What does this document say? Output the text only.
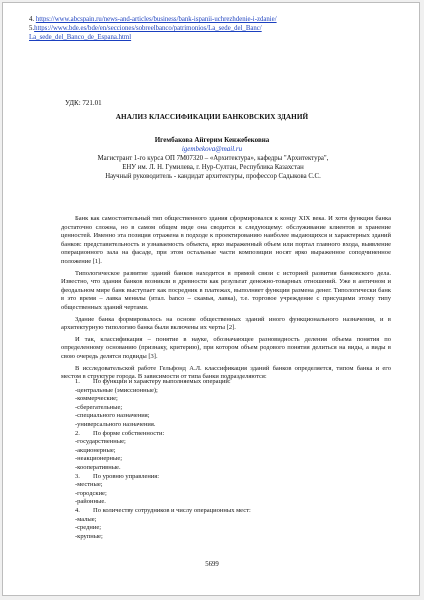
4. https://www.abcspain.ru/news-and-articles/business/bank-ispanii-uchrezhdenie-i-zdanie/
5.https://www.bde.es/bde/en/secciones/sobreelbanco/patrimonios/La_sede_del_Banc/
La_sede_del_Banco_de_Espana.html
УДК: 721.01
АНАЛИЗ КЛАССИФИКАЦИИ БАНКОВСКИХ ЗДАНИЙ
Игембакова Айгерим Кенжебековна
igembekova@mail.ru
Магистрант 1-го курса ОП 7М07320 – «Архитектура», кафедры "Архитектура",
ЕНУ им. Л. Н. Гумилева, г. Нур-Султан, Республика Казахстан
Научный руководитель - кандидат архитектуры, профессор Садыкова С.С.

Банк как самостоятельный тип общественного здания сформировался к концу XIX века. И хотя функция банка достаточно сложна, но в самом общем виде она сводится к следующему: обслуживание клиентов и хранение ценностей. Именно эта позиция отражена в подходе к проектированию наиболее выдающихся и характерных зданий банков: представительность и узнаваемость объекта, ярко выраженный объем или портал главного входа, выявление операционного зала на фасаде, при этом остальные части композиции носят ярко выраженное соподчиненное положение [1].

Типологическое развитие зданий банков находится в прямой связи с историей развития банковского дела. Известно, что здания банков возникли в древности как результат денежно-товарных отношений. Уже в античном и феодальном мире банк выступает как посредник в платежах, выполняет функции размена денег. Типологически банк в это время – лавка менялы (итал. banco – скамья, лавка), т.е. торговое учреждение с присущими этому типу общественных зданий чертами.

Здание банка формировалось на основе общественных зданий иного функционального назначения, и в архитектурную типологию банка были включены их черты [2].

И так, классификация – понятие в науке, обозначающее разновидность деления объема понятия по определенному основанию (признаку, критерию), при котором объем родового понятия делиться на виды, а виды в свою очередь делятся подвиды [3].

В исследовательской работе Гельфонд А.Л. классификация зданий банков определяется, типом банка и его местом в структуре города. В зависимости от типа банки подразделяются:

1. По функции и характеру выполняемых операций:
-центральные (эмиссионные);
-коммерческие;
-сберегательные;
-специального назначения;
-универсального назначения.
2. По форме собственности:
-государственные;
-акционерные;
-неакционерные;
-кооперативные.
3. По уровню управления:
-местные;
-городские;
-районные.
4. По количеству сотрудников и числу операционных мест:
-малые;
-средние;
-крупные;
5699
